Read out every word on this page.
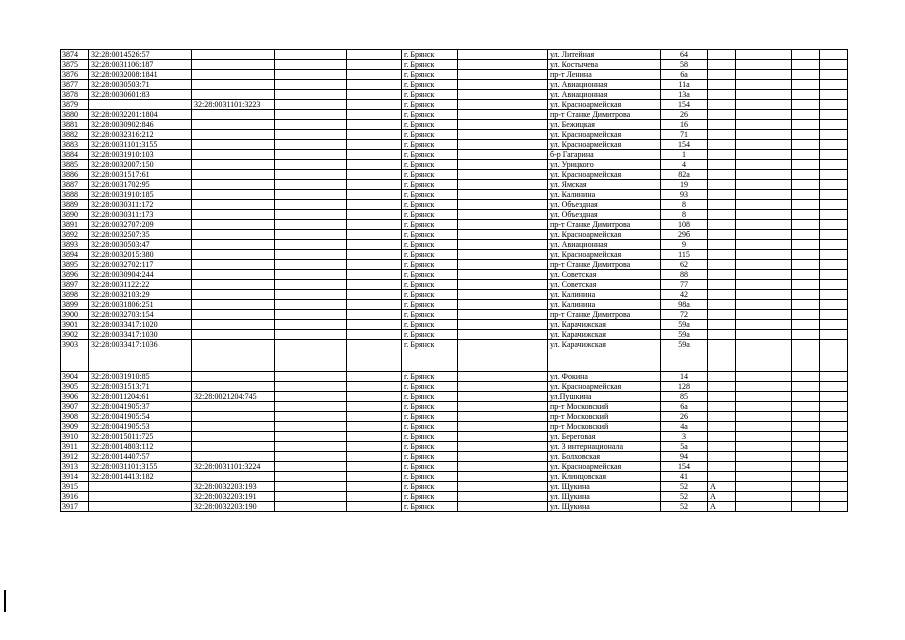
3874	32:28:0014526:57				г. Брянск		ул. Литейная	64				
3875	32:28:0031106:187				г. Брянск		ул. Костычева	58				
3876	32:28:0032008:1841				г. Брянск		пр-т Ленина	6а				
3877	32:28:0030503:71				г. Брянск		ул. Авиационная	11а				
3878	32:28:0030601:83				г. Брянск		ул. Авиационная	13а				
3879		32:28:0031101:3223			г. Брянск		ул. Красноармейская	154				
3880	32:28:0032201:1804				г. Брянск		пр-т Станке Димитрова	26				
3881	32:28:0030902:846				г. Брянск		ул. Бежицкая	16				
3882	32:28:0032316:212				г. Брянск		ул. Красноармейская	71				
3883	32:28:0031101:3155				г. Брянск		ул. Красноармейская	154				
3884	32:28:0031910:103				г. Брянск		б-р Гагарина	1				
3885	32:28:0032007:150				г. Брянск		ул. Урицкого	4				
3886	32:28:0031517:61				г. Брянск		ул. Красноармейская	82а				
3887	32:28:0031702:95				г. Брянск		ул. Ямская	19				
3888	32:28:0031910:185				г. Брянск		ул. Калинина	93				
3889	32:28:0030311:172				г. Брянск		ул. Объездная	8				
3890	32:28:0030311:173				г. Брянск		ул. Объездная	8				
3891	32:28:0032707:209				г. Брянск		пр-т Станке Димитрова	108				
3892	32:28:0032507:35				г. Брянск		ул. Красноармейская	29б				
3893	32:28:0030503:47				г. Брянск		ул. Авиационная	9				
3894	32:28:0032015:380				г. Брянск		ул. Красноармейская	115				
3895	32:28:0032702:117				г. Брянск		пр-т Станке Димитрова	62				
3896	32:28:0030904:244				г. Брянск		ул. Советская	88				
3897	32:28:0031122:22				г. Брянск		ул. Советская	77				
3898	32:28:0032103:29				г. Брянск		ул. Калинина	42				
3899	32:28:0031806:251				г. Брянск		ул. Калинина	98а				
3900	32:28:0032703:154				г. Брянск		пр-т Станке Димитрова	72				
3901	32:28:0033417:1020				г. Брянск		ул. Карачижская	59а				
3902	32:28:0033417:1030				г. Брянск		ул. Карачижская	59а				
3903	32:28:0033417:1036				г. Брянск		ул. Карачижская	59а				
3904	32:28:0031910:85				г. Брянск		ул. Фокина	14				
3905	32:28:0031513:71				г. Брянск		ул. Красноармейская	128				
3906	32:28:0011204:61	32:28:0021204:745			г. Брянск		ул.Пушкина	85				
3907	32:28:0041905:37				г. Брянск		пр-т Московский	6а				
3908	32:28:0041905:54				г. Брянск		пр-т Московский	26				
3909	32:28:0041905:53				г. Брянск		пр-т Московский	4а				
3910	32:28:0015011:725				г. Брянск		ул. Береговая	3				
3911	32:28:0014803:112				г. Брянск		ул. 3 интернационала	5а				
3912	32:28:0014407:57				г. Брянск		ул. Болховская	94				
3913	32:28:0031101:3155	32:28:0031101:3224			г. Брянск		ул. Красноармейская	154				
3914	32:28:0014413:182				г. Брянск		ул. Клинцовская	41				
3915		32:28:0032203:193			г. Брянск		ул. Щукина	52	А			
3916		32:28:0032203:191			г. Брянск		ул. Щукина	52	А			
3917		32:28:0032203:190			г. Брянск		ул. Щукина	52	А			
